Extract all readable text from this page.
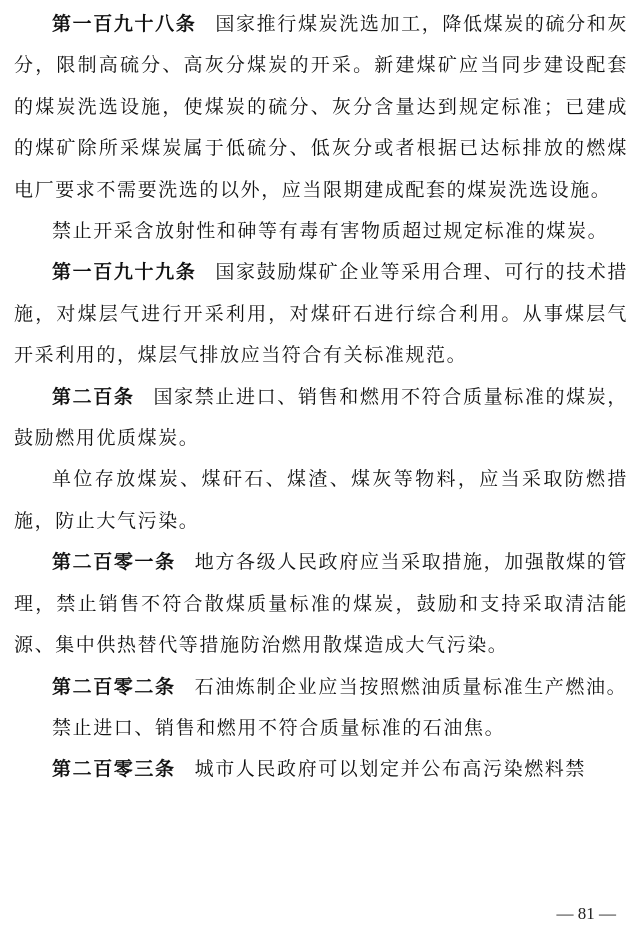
第一百九十八条 国家推行煤炭洗选加工，降低煤炭的硫分和灰分，限制高硫分、高灰分煤炭的开采。新建煤矿应当同步建设配套的煤炭洗选设施，使煤炭的硫分、灰分含量达到规定标准；已建成的煤矿除所采煤炭属于低硫分、低灰分或者根据已达标排放的燃煤电厂要求不需要洗选的以外，应当限期建成配套的煤炭洗选设施。

禁止开采含放射性和砷等有毒有害物质超过规定标准的煤炭。

第一百九十九条 国家鼓励煤矿企业等采用合理、可行的技术措施，对煤层气进行开采利用，对煤矸石进行综合利用。从事煤层气开采利用的，煤层气排放应当符合有关标准规范。

第二百条 国家禁止进口、销售和燃用不符合质量标准的煤炭，鼓励燃用优质煤炭。

单位存放煤炭、煤矸石、煤渣、煤灰等物料，应当采取防燃措施，防止大气污染。

第二百零一条 地方各级人民政府应当采取措施，加强散煤的管理，禁止销售不符合散煤质量标准的煤炭，鼓励和支持采取清洁能源、集中供热替代等措施防治燃用散煤造成大气污染。

第二百零二条 石油炼制企业应当按照燃油质量标准生产燃油。

禁止进口、销售和燃用不符合质量标准的石油焦。

第二百零三条 城市人民政府可以划定并公布高污染燃料禁

— 81 —
